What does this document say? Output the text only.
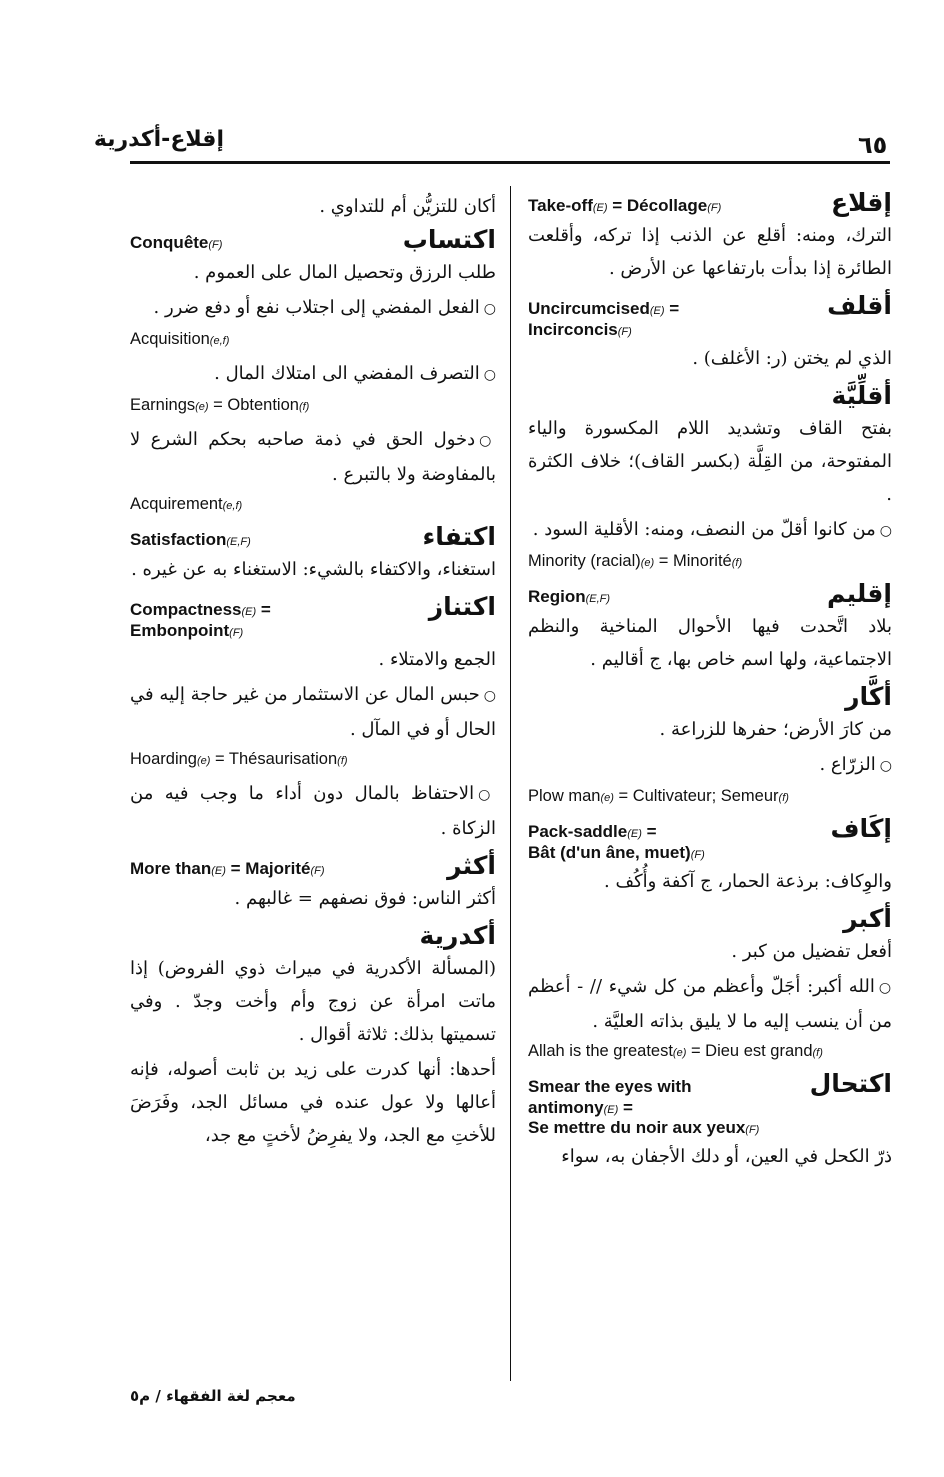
٦٥
إقلاع-أكدرية
Take-off(E) = Décollage(F)	إقلاع
الترك، ومنه: أقلع عن الذنب إذا تركه، وأقلعت الطائرة إذا بدأت بارتفاعها عن الأرض .
Uncircumcised(E) =	أقلف
Incirconcis(F)
الذي لم يختن (ر: الأغلف) .
أقلِّيَّة
بفتح القاف وتشديد اللام المكسورة والياء المفتوحة، من القِلَّة (بكسر القاف)؛ خلاف الكثرة .
○ من كانوا أقلّ من النصف، ومنه: الأقلية السود .
Minority (racial)(e) = Minorité(f)
Region(E,F)	إقليم
بلاد اتَّحدت فيها الأحوال المناخية والنظم الاجتماعية، ولها اسم خاص بها، ج أقاليم .
أكَّار
من كارَ الأرض؛ حفرها للزراعة .
○ الزرّاع .
Plow man(e) = Cultivateur; Semeur(f)
Pack-saddle(E) =	إكَاف
Bât (d'un âne, muet)(F)
والوِكاف: برذعة الحمار، ج آكفة وأُكُف .
أكبر
أفعل تفضيل من كبر .
○ الله أكبر: أجَلّ وأعظم من كل شيء // - أعظم من أن ينسب إليه ما لا يليق بذاته العليَّة .
Allah is the greatest(e) = Dieu est grand(f)
Smear the eyes with	اكتحال
antimony(E) =
Se mettre du noir aux yeux(F)
ذرّ الكحل في العين، أو دلك الأجفان به، سواء
أكان للتزيُّن أم للتداوي .
Conquête(F)	اكتساب
طلب الرزق وتحصيل المال على العموم .
○ الفعل المفضي إلى اجتلاب نفع أو دفع ضرر .
Acquisition(e,f)
○ التصرف المفضي الى امتلاك المال .
Earnings(e) = Obtention(f)
○ دخول الحق في ذمة صاحبه بحكم الشرع لا بالمفاوضة ولا بالتبرع .
Acquirement(e,f)
Satisfaction(E,F)	اكتفاء
استغناء، والاكتفاء بالشيء: الاستغناء به عن غيره .
Compactness(E) =	اكتناز
Embonpoint(F)
الجمع والامتلاء .
○ حبس المال عن الاستثمار من غير حاجة إليه في الحال أو في المآل .
Hoarding(e) = Thésaurisation(f)
○ الاحتفاظ بالمال دون أداء ما وجب فيه من الزكاة .
More than(E) = Majorité(F)	أكثر
أكثر الناس: فوق نصفهم = غالبهم .
أكدرية
(المسألة الأكدرية في ميراث ذوي الفروض) إذا ماتت امرأة عن زوج وأم وأخت وجدّ . وفي تسميتها بذلك: ثلاثة أقوال .
أحدها: أنها كدرت على زيد بن ثابت أصوله، فإنه أعالها ولا عول عنده في مسائل الجد، وفَرَضَ للأختِ مع الجد، ولا يفرِضُ لأختٍ مع جد،
معجم لغة الفقهاء / م٥
